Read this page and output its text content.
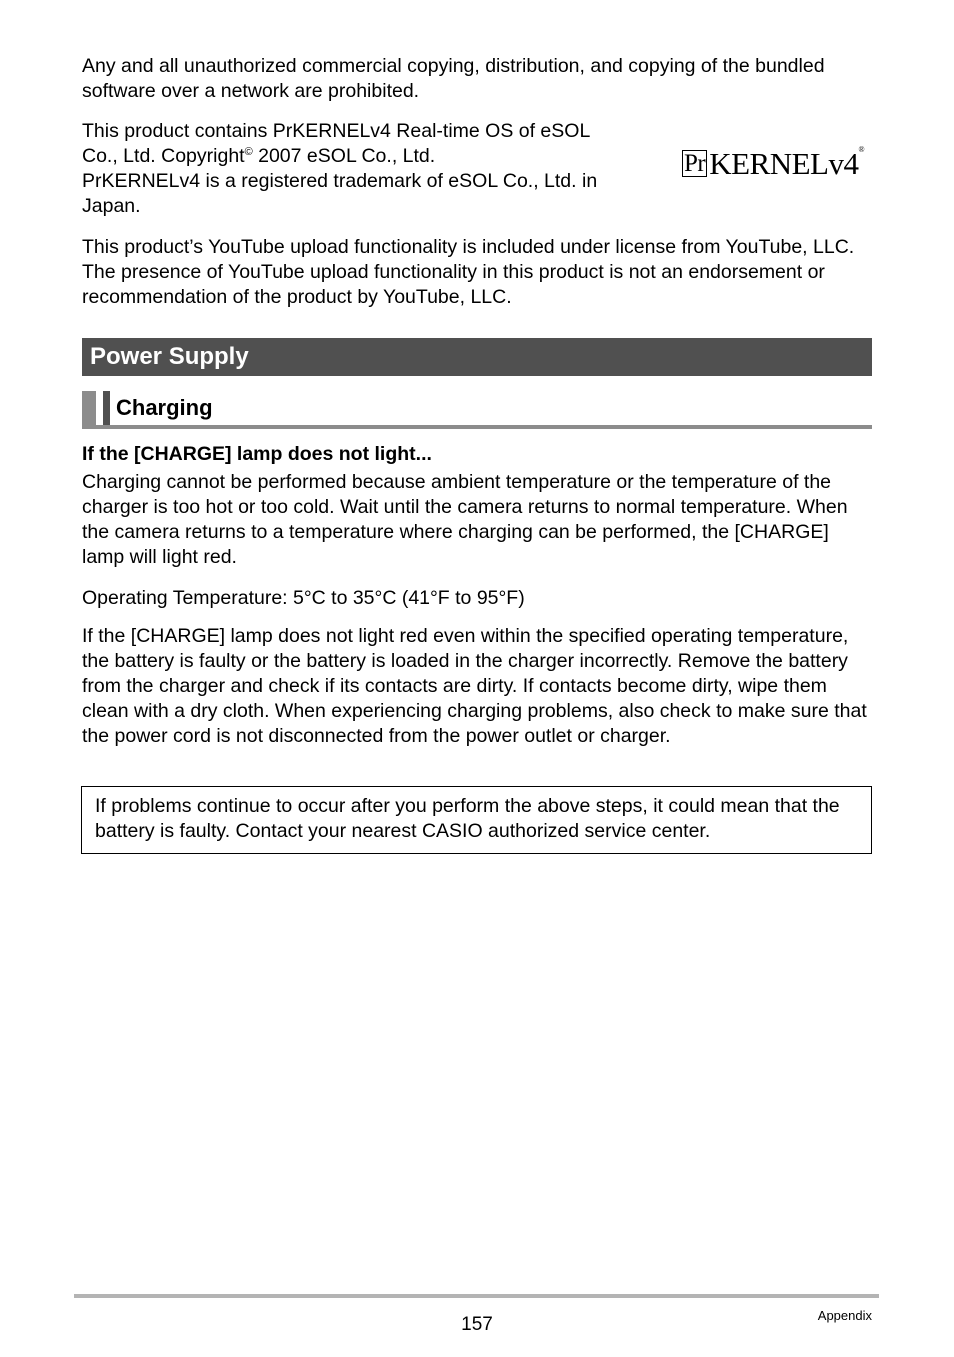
Any and all unauthorized commercial copying, distribution, and copying of the bundled software over a network are prohibited.

This product contains PrKERNELv4 Real-time OS of eSOL
Co., Ltd. Copyright© 2007 eSOL Co., Ltd.
PrKERNELv4 is a registered trademark of eSOL Co., Ltd. in
Japan.
Pr KERNELv4®

This product’s YouTube upload functionality is included under license from YouTube, LLC. The presence of YouTube upload functionality in this product is not an endorsement or recommendation of the product by YouTube, LLC.

Power Supply
Charging
If the [CHARGE] lamp does not light...

Charging cannot be performed because ambient temperature or the temperature of the charger is too hot or too cold. Wait until the camera returns to normal temperature. When the camera returns to a temperature where charging can be performed, the [CHARGE] lamp will light red.

Operating Temperature: 5°C to 35°C (41°F to 95°F)

If the [CHARGE] lamp does not light red even within the specified operating temperature, the battery is faulty or the battery is loaded in the charger incorrectly. Remove the battery from the charger and check if its contacts are dirty. If contacts become dirty, wipe them clean with a dry cloth. When experiencing charging problems, also check to make sure that the power cord is not disconnected from the power outlet or charger.

If problems continue to occur after you perform the above steps, it could mean that the battery is faulty. Contact your nearest CASIO authorized service center.
157	Appendix
